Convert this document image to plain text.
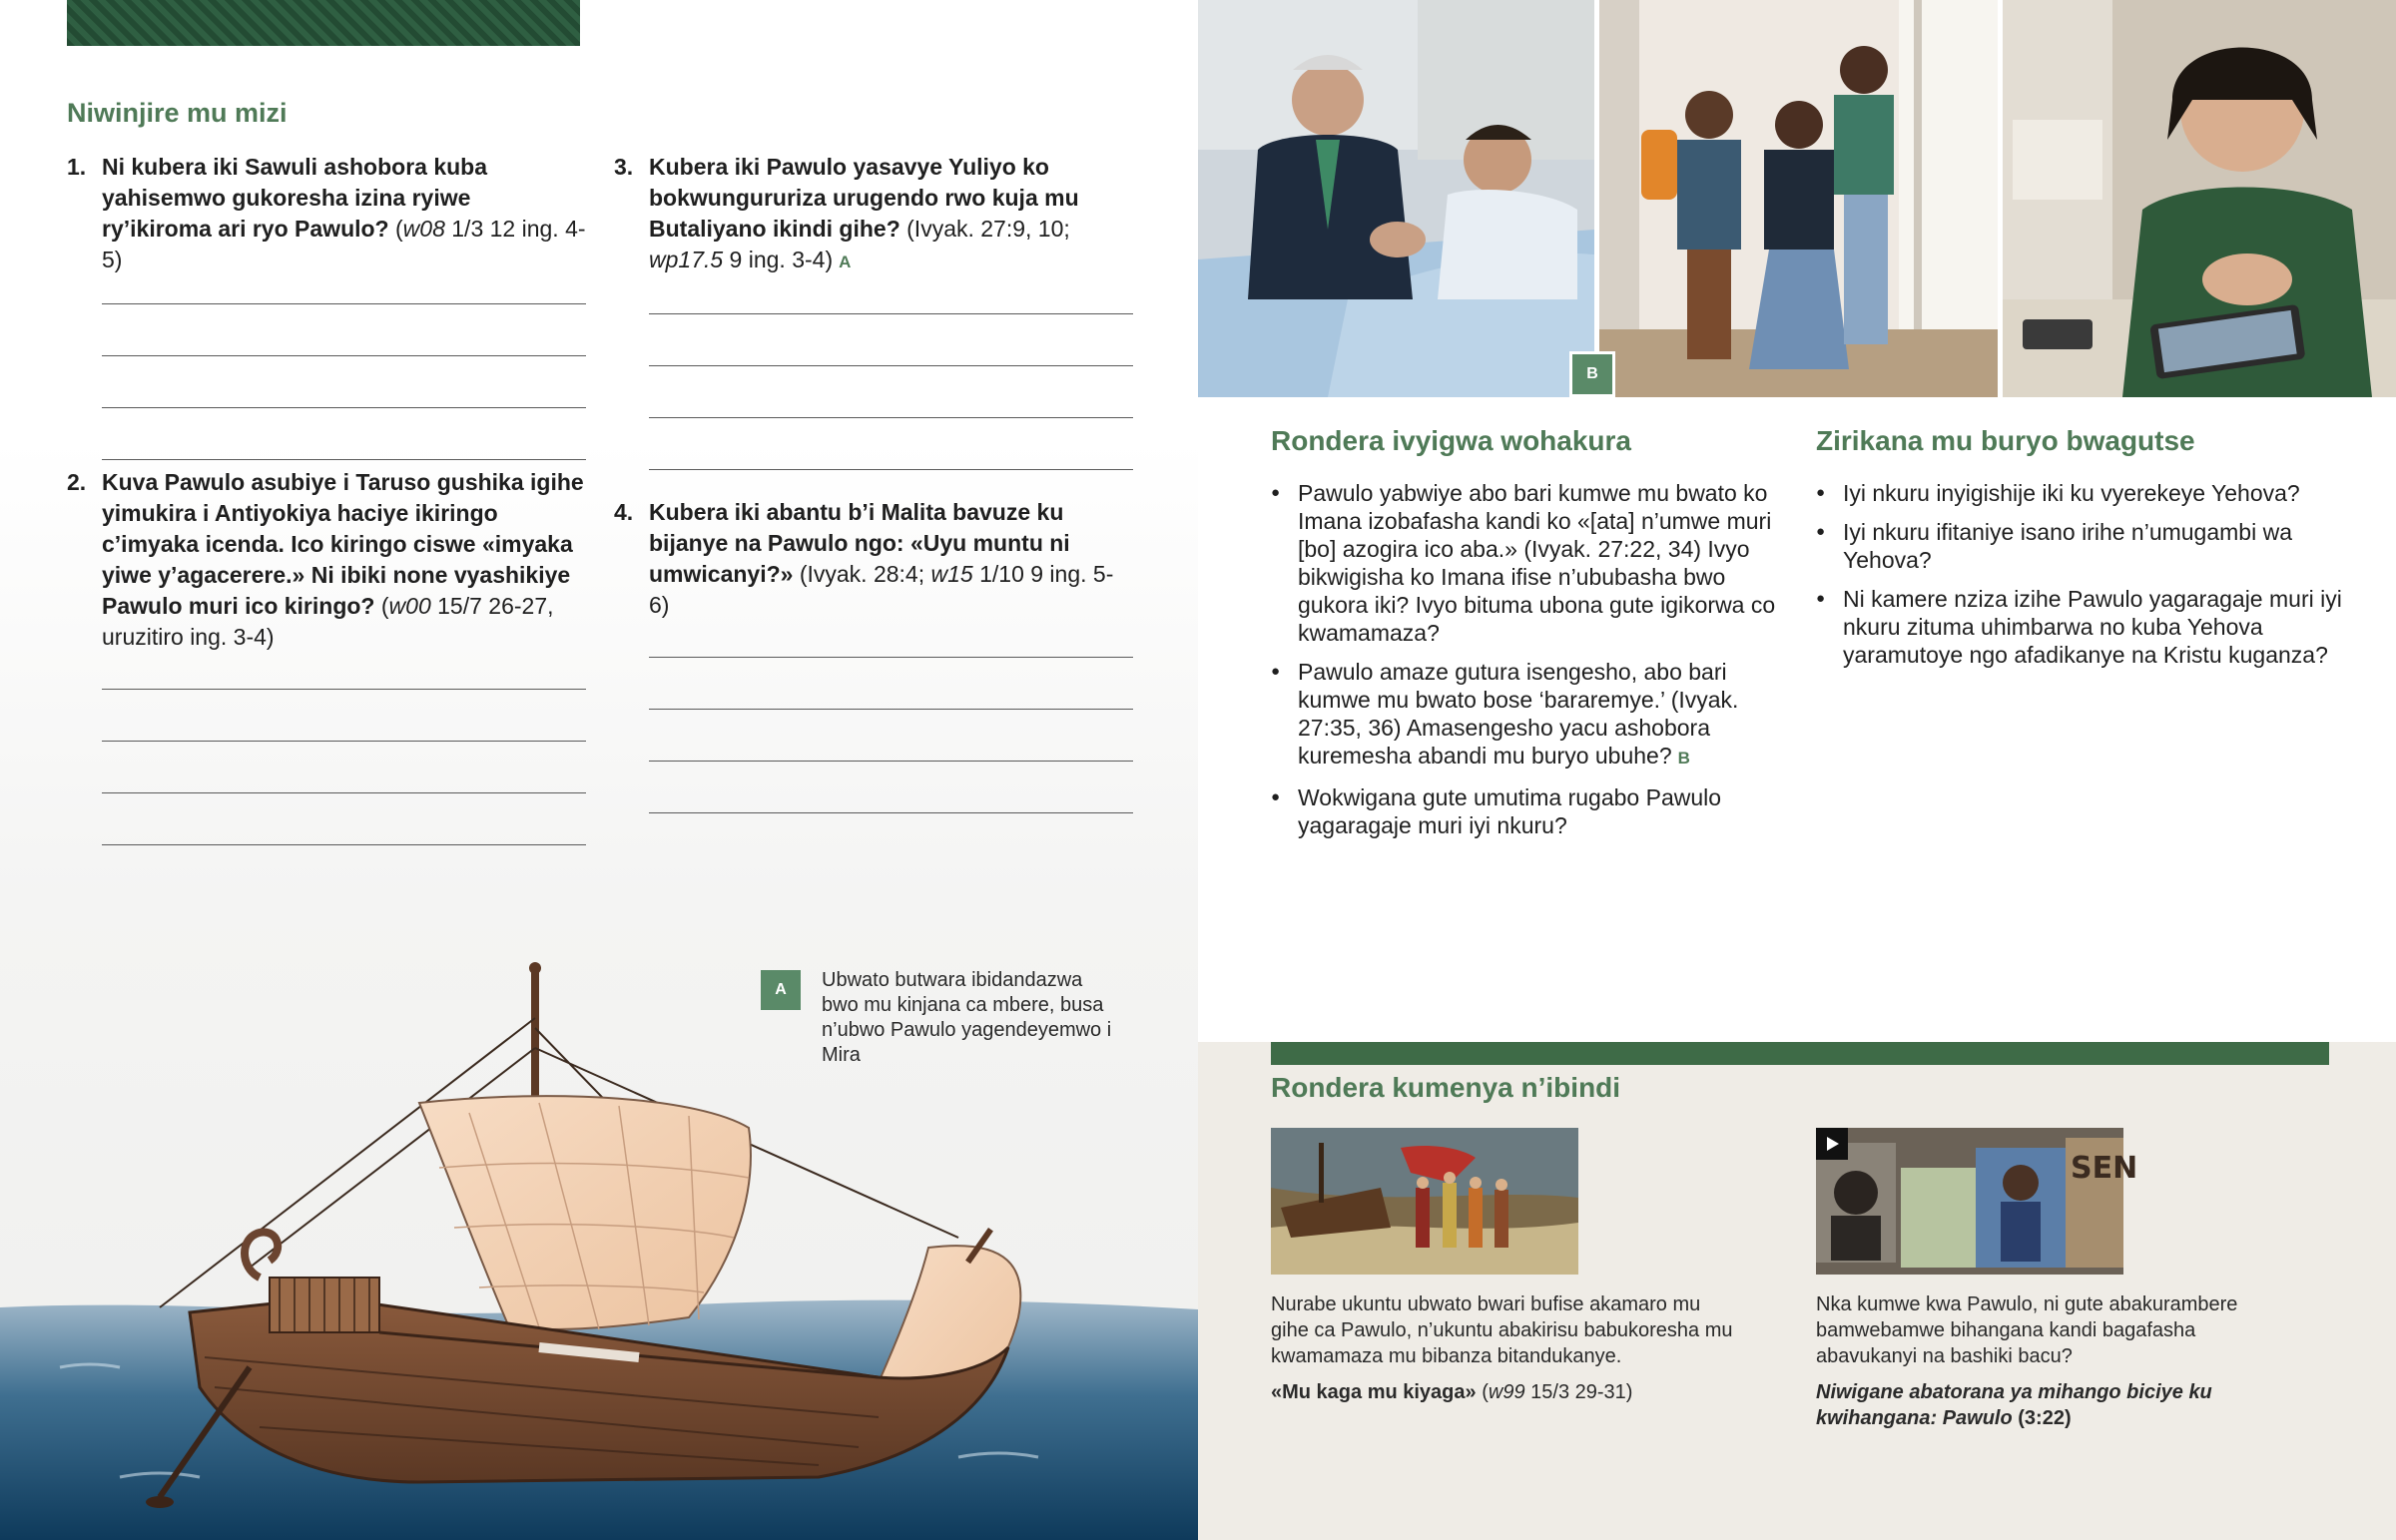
Niwinjire mu mizi
1. Ni kubera iki Sawuli ashobora kuba yahisemwo gukoresha izina ryiwe ry’ikiroma ari ryo Pawulo? (w08 1/3 12 ing. 4-5)
2. Kuva Pawulo asubiye i Taruso gushika igihe yimukira i Antiyokiya haciye ikiringo c’imyaka icenda. Ico kiringo ciswe «imyaka yiwe y’agacerere.» Ni ibiki none vyashikiye Pawulo muri ico kiringo? (w00 15/7 26-27, uruzitiro ing. 3-4)
3. Kubera iki Pawulo yasavye Yuliyo ko bokwungururiza urugendo rwo kuja mu Butaliyano ikindi gihe? (Ivyak. 27:9, 10; wp17.5 9 ing. 3-4) A
4. Kubera iki abantu b’i Malita bavuze ku bijanye na Pawulo ngo: «Uyu muntu ni umwicanyi?» (Ivyak. 28:4; w15 1/10 9 ing. 5-6)
A	Ubwato butwara ibidandazwa bwo mu kinjana ca mbere, busa n’ubwo Pawulo yagendeyemwo i Mira
B
Rondera ivyigwa wohakura
● Pawulo yabwiye abo bari kumwe mu bwato ko Imana izobafasha kandi ko «[ata] n’umwe muri [bo] azogira ico aba.» (Ivyak. 27:22, 34) Ivyo bikwigisha ko Imana ifise n’ububasha bwo gukora iki? Ivyo bituma ubona gute igikorwa co kwamamaza?
● Pawulo amaze gutura isengesho, abo bari kumwe mu bwato bose ‘bararemye.’ (Ivyak. 27:35, 36) Amasengesho yacu ashobora kuremesha abandi mu buryo ubuhe? B
● Wokwigana gute umutima rugabo Pawulo yagaragaje muri iyi nkuru?
Zirikana mu buryo bwagutse
● Iyi nkuru inyigishije iki ku vyerekeye Yehova?
● Iyi nkuru ifitaniye isano irihe n’umugambi wa Yehova?
● Ni kamere nziza izihe Pawulo yagaragaje muri iyi nkuru zituma uhimbarwa no kuba Yehova yaramutoye ngo afadikanye na Kristu kuganza?
Rondera kumenya n’ibindi
Nurabe ukuntu ubwato bwari bufise akamaro mu gihe ca Pawulo, n’ukuntu abakirisu babukoresha mu kwamamaza mu bibanza bitandukanye.
«Mu kaga mu kiyaga» (w99 15/3 29-31)
SEN
Nka kumwe kwa Pawulo, ni gute abakurambere bamwebamwe bihangana kandi bagafasha abavukanyi na bashiki bacu?
Niwigane abatorana ya mihango biciye ku kwihangana: Pawulo (3:22)
